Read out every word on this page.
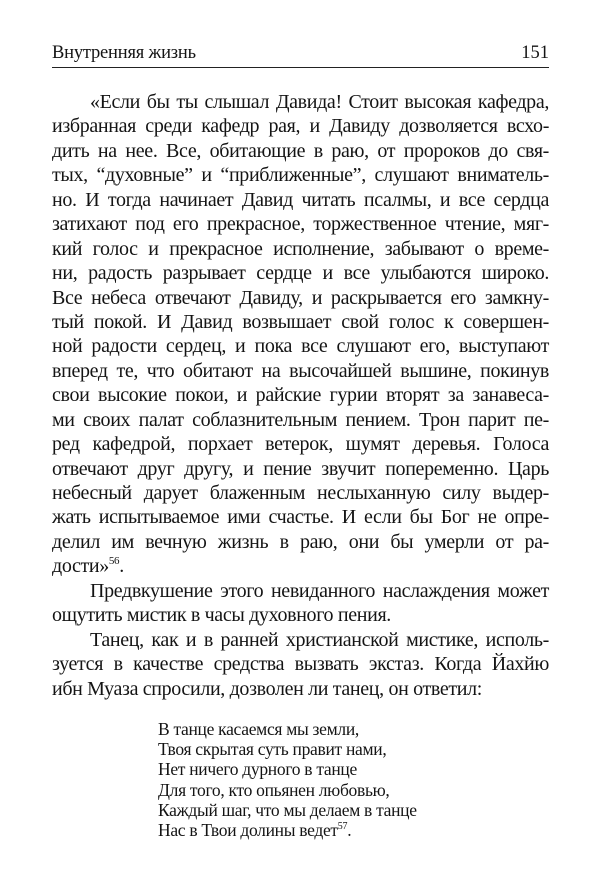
Внутренняя жизнь	151
«Если бы ты слышал Давида! Стоит высокая кафедра,
избранная среди кафедр рая, и Давиду дозволяется всхо-
дить на нее. Все, обитающие в раю, от пророков до свя-
тых, “духовные” и “приближенные”, слушают вниматель-
но. И тогда начинает Давид читать псалмы, и все сердца
затихают под его прекрасное, торжественное чтение, мяг-
кий голос и прекрасное исполнение, забывают о време-
ни, радость разрывает сердце и все улыбаются широко.
Все небеса отвечают Давиду, и раскрывается его замкну-
тый покой. И Давид возвышает свой голос к совершен-
ной радости сердец, и пока все слушают его, выступают
вперед те, что обитают на высочайшей вышине, покинув
свои высокие покои, и райские гурии вторят за занавеса-
ми своих палат соблазнительным пением. Трон парит пе-
ред кафедрой, порхает ветерок, шумят деревья. Голоса
отвечают друг другу, и пение звучит попеременно. Царь
небесный дарует блаженным неслыханную силу выдер-
жать испытываемое ими счастье. И если бы Бог не опре-
делил им вечную жизнь в раю, они бы умерли от ра-
дости»$^{56}$.
Предвкушение этого невиданного наслаждения может
ощутить мистик в часы духовного пения.
Танец, как и в ранней христианской мистике, исполь-
зуется в качестве средства вызвать экстаз. Когда Йахйю
ибн Муаза спросили, дозволен ли танец, он ответил:
В танце касаемся мы земли,
Твоя скрытая суть правит нами,
Нет ничего дурного в танце
Для того, кто опьянен любовью,
Каждый шаг, что мы делаем в танце
Нас в Твои долины ведет$^{57}$.
